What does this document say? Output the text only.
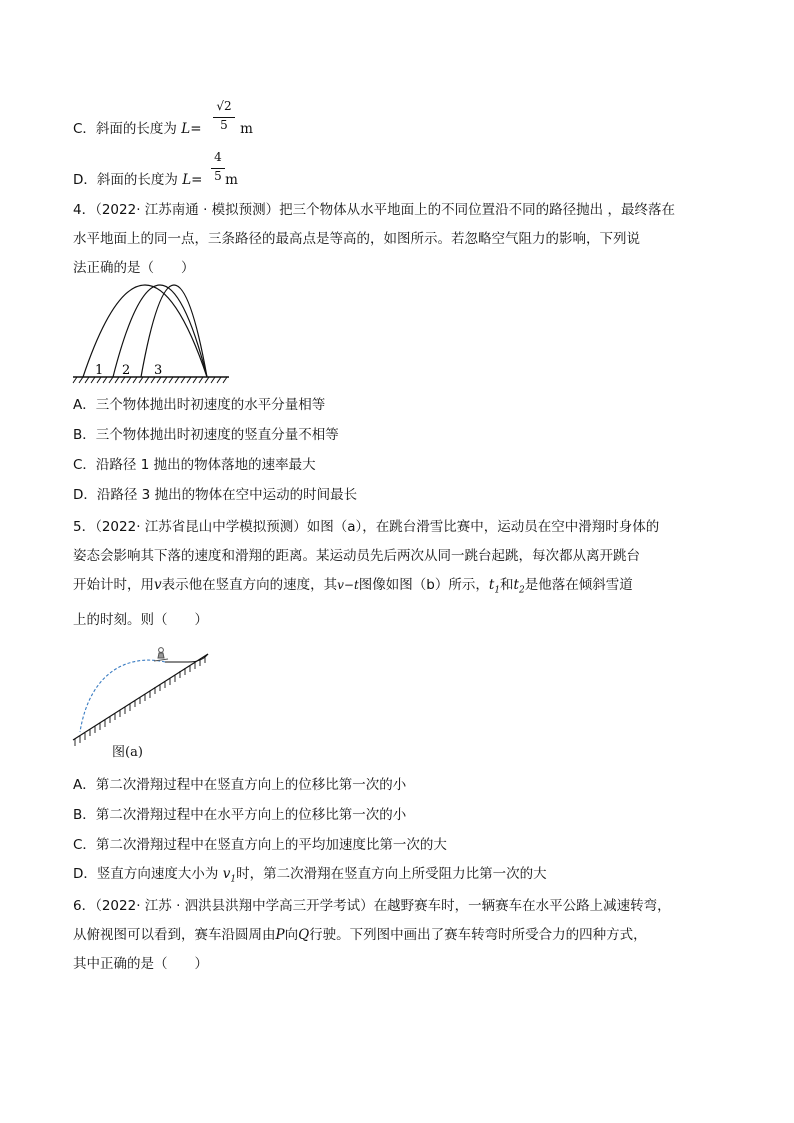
C．斜面的长度为 L=	m
√2
5
D．斜面的长度为 L= m
4
5
4．（2022· 江苏南通 · 模拟预测）把三个物体从水平地面上的不同位置沿不同的路径抛出 ，最终落在
水平地面上的同一点，三条路径的最高点是等高的，如图所示。若忽略空气阻力的影响，下列说
法正确的是（　　）
1 2 3
A．三个物体抛出时初速度的水平分量相等
B．三个物体抛出时初速度的竖直分量不相等
C．沿路径 1 抛出的物体落地的速率最大
D．沿路径 3 抛出的物体在空中运动的时间最长
5．（2022· 江苏省昆山中学模拟预测）如图（a），在跳台滑雪比赛中，运动员在空中滑翔时身体的
姿态会影响其下落的速度和滑翔的距离。某运动员先后两次从同一跳台起跳，每次都从离开跳台
开始计时，用v表示他在竖直方向的速度，其v−t图像如图（b）所示，$t_1$和$t_2$是他落在倾斜雪道
上的时刻。则（　　）
图(a)
A．第二次滑翔过程中在竖直方向上的位移比第一次的小
B．第二次滑翔过程中在水平方向上的位移比第一次的小
C．第二次滑翔过程中在竖直方向上的平均加速度比第一次的大
D．竖直方向速度大小为 $v_1$时，第二次滑翔在竖直方向上所受阻力比第一次的大
6．（2022· 江苏 · 泗洪县洪翔中学高三开学考试）在越野赛车时，一辆赛车在水平公路上减速转弯，
从俯视图可以看到，赛车沿圆周由P向Q行驶。下列图中画出了赛车转弯时所受合力的四种方式，
其中正确的是（　　）
